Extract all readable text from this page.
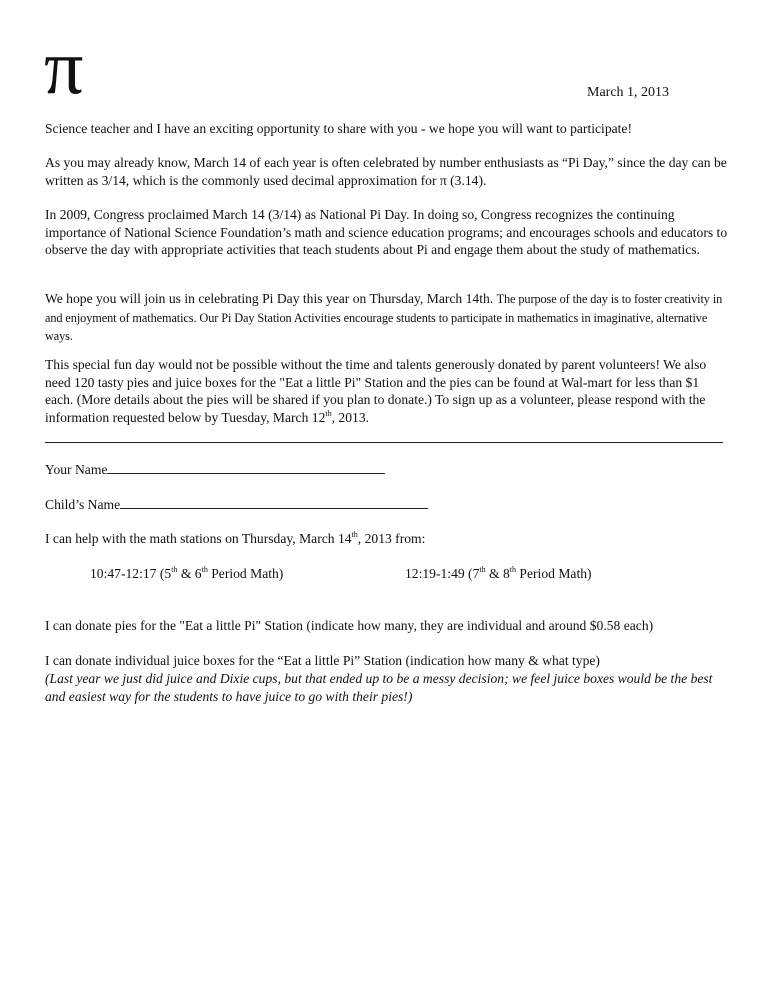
π	March 1, 2013

Science teacher and I have an exciting opportunity to share with you - we hope you will want to participate!

As you may already know, March 14 of each year is often celebrated by number enthusiasts as “Pi Day,” since the day can be written as 3/14, which is the commonly used decimal approximation for π (3.14).

In 2009, Congress proclaimed March 14 (3/14) as National Pi Day. In doing so, Congress recognizes the continuing importance of National Science Foundation’s math and science education programs; and encourages schools and educators to observe the day with appropriate activities that teach students about Pi and engage them about the study of mathematics.

We hope you will join us in celebrating Pi Day this year on Thursday, March 14th. The purpose of the day is to foster creativity in and enjoyment of mathematics. Our Pi Day Station Activities encourage students to participate in mathematics in imaginative, alternative ways.

This special fun day would not be possible without the time and talents generously donated by parent volunteers! We also need 120 tasty pies and juice boxes for the "Eat a little Pi" Station and the pies can be found at Wal-mart for less than $1 each. (More details about the pies will be shared if you plan to donate.) To sign up as a volunteer, please respond with the information requested below by Tuesday, March 12th, 2013.

Your Name
Child’s Name
I can help with the math stations on Thursday, March 14th, 2013 from:
10:47-12:17 (5th & 6th Period Math)	12:19-1:49 (7th & 8th Period Math)
I can donate pies for the "Eat a little Pi" Station (indicate how many, they are individual and around $0.58 each)
I can donate individual juice boxes for the “Eat a little Pi” Station (indication how many & what type)
(Last year we just did juice and Dixie cups, but that ended up to be a messy decision; we feel juice boxes would be the best and easiest way for the students to have juice to go with their pies!)
